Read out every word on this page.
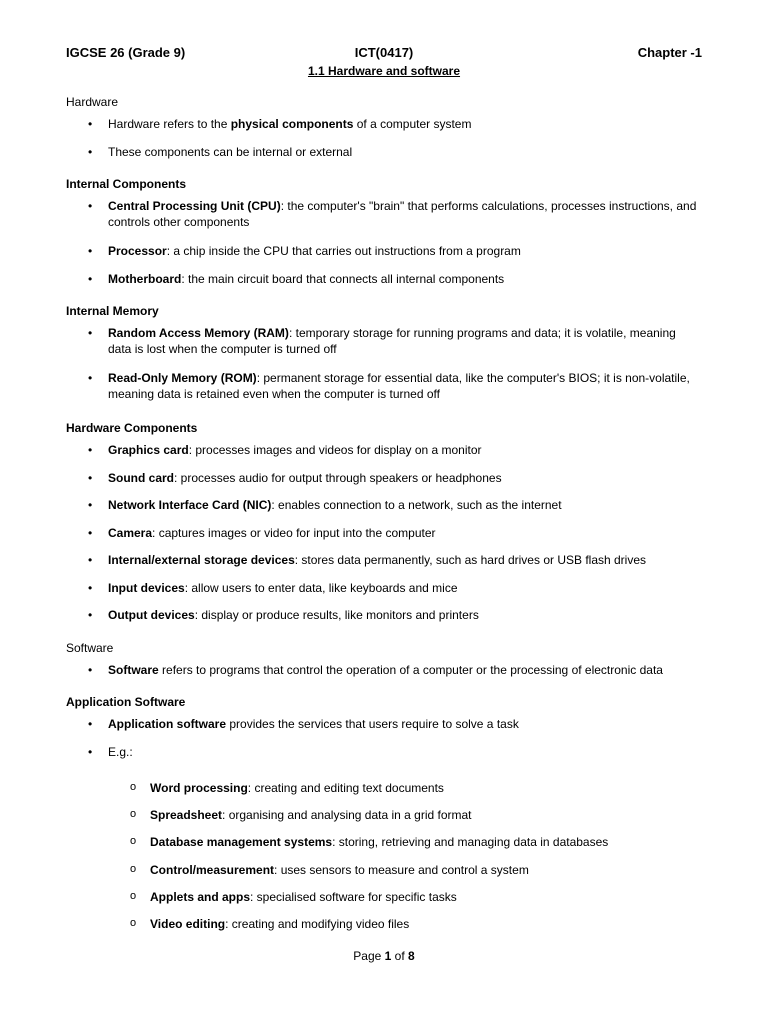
IGCSE 26 (Grade 9)	ICT(0417)	Chapter -1
1.1 Hardware and software
Hardware
• Hardware refers to the physical components of a computer system
• These components can be internal or external
Internal Components
• Central Processing Unit (CPU): the computer's "brain" that performs calculations, processes instructions, and controls other components
• Processor: a chip inside the CPU that carries out instructions from a program
• Motherboard: the main circuit board that connects all internal components
Internal Memory
• Random Access Memory (RAM): temporary storage for running programs and data; it is volatile, meaning data is lost when the computer is turned off
• Read-Only Memory (ROM): permanent storage for essential data, like the computer's BIOS; it is non-volatile, meaning data is retained even when the computer is turned off
Hardware Components
• Graphics card: processes images and videos for display on a monitor
• Sound card: processes audio for output through speakers or headphones
• Network Interface Card (NIC): enables connection to a network, such as the internet
• Camera: captures images or video for input into the computer
• Internal/external storage devices: stores data permanently, such as hard drives or USB flash drives
• Input devices: allow users to enter data, like keyboards and mice
• Output devices: display or produce results, like monitors and printers
Software
• Software refers to programs that control the operation of a computer or the processing of electronic data
Application Software
• Application software provides the services that users require to solve a task
• E.g.:
o Word processing: creating and editing text documents
o Spreadsheet: organising and analysing data in a grid format
o Database management systems: storing, retrieving and managing data in databases
o Control/measurement: uses sensors to measure and control a system
o Applets and apps: specialised software for specific tasks
o Video editing: creating and modifying video files
Page 1 of 8
